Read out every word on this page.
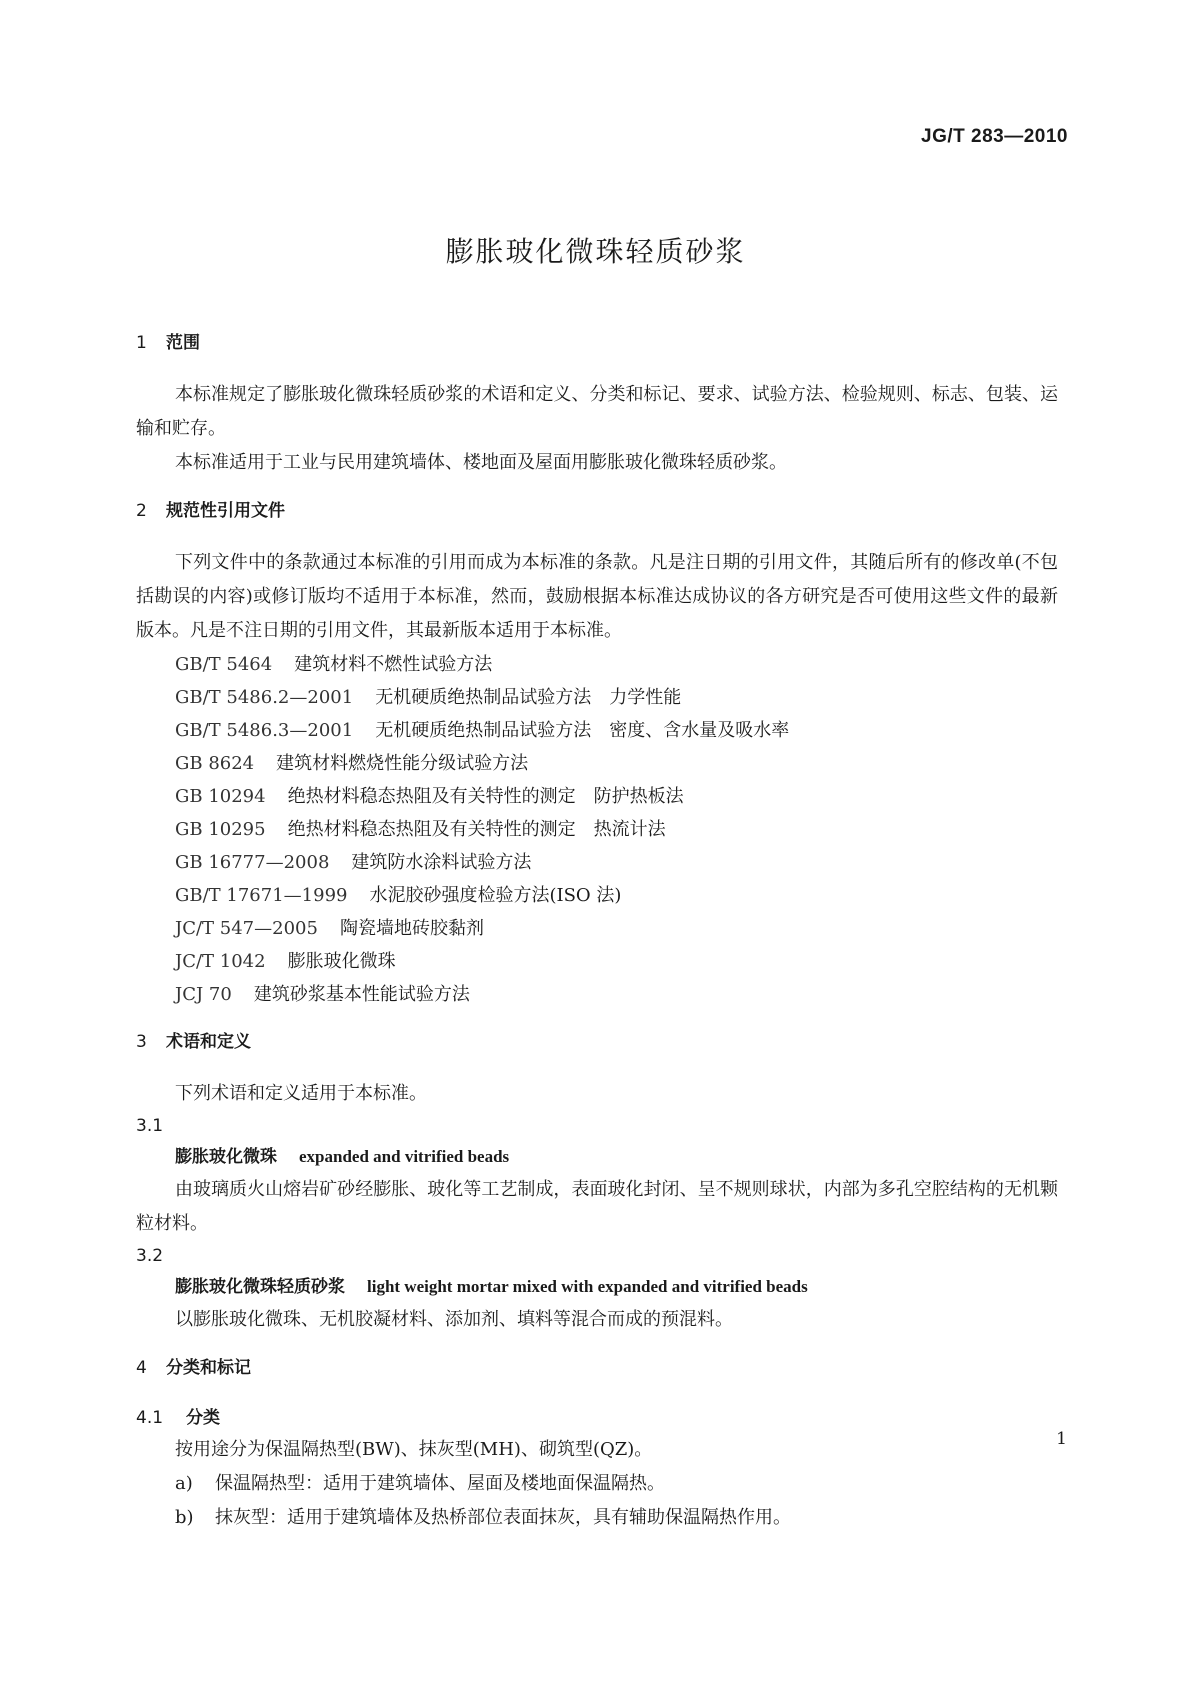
JG/T 283—2010
膨胀玻化微珠轻质砂浆
1 范围

本标准规定了膨胀玻化微珠轻质砂浆的术语和定义、分类和标记、要求、试验方法、检验规则、标志、包装、运输和贮存。

本标准适用于工业与民用建筑墙体、楼地面及屋面用膨胀玻化微珠轻质砂浆。

2 规范性引用文件

下列文件中的条款通过本标准的引用而成为本标准的条款。凡是注日期的引用文件，其随后所有的修改单(不包括勘误的内容)或修订版均不适用于本标准，然而，鼓励根据本标准达成协议的各方研究是否可使用这些文件的最新版本。凡是不注日期的引用文件，其最新版本适用于本标准。

GB/T 5464 建筑材料不燃性试验方法
GB/T 5486.2—2001 无机硬质绝热制品试验方法　力学性能
GB/T 5486.3—2001 无机硬质绝热制品试验方法　密度、含水量及吸水率
GB 8624 建筑材料燃烧性能分级试验方法
GB 10294 绝热材料稳态热阻及有关特性的测定　防护热板法
GB 10295 绝热材料稳态热阻及有关特性的测定　热流计法
GB 16777—2008 建筑防水涂料试验方法
GB/T 17671—1999 水泥胶砂强度检验方法(ISO 法)
JC/T 547—2005 陶瓷墙地砖胶黏剂
JC/T 1042 膨胀玻化微珠
JCJ 70 建筑砂浆基本性能试验方法
3 术语和定义

下列术语和定义适用于本标准。

3.1
膨胀玻化微珠 expanded and vitrified beads

由玻璃质火山熔岩矿砂经膨胀、玻化等工艺制成，表面玻化封闭、呈不规则球状，内部为多孔空腔结构的无机颗粒材料。

3.2
膨胀玻化微珠轻质砂浆 light weight mortar mixed with expanded and vitrified beads

以膨胀玻化微珠、无机胶凝材料、添加剂、填料等混合而成的预混料。

4 分类和标记
4.1 分类

按用途分为保温隔热型(BW)、抹灰型(MH)、砌筑型(QZ)。

a) 保温隔热型：适用于建筑墙体、屋面及楼地面保温隔热。
b) 抹灰型：适用于建筑墙体及热桥部位表面抹灰，具有辅助保温隔热作用。
1
